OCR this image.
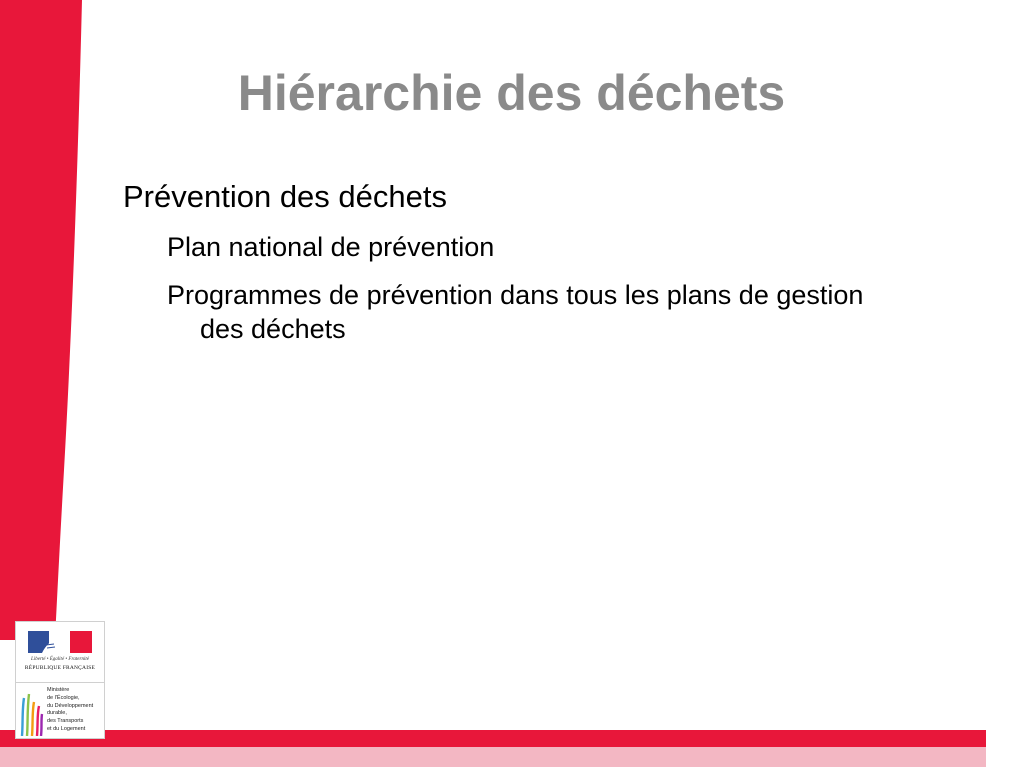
Hiérarchie des déchets
Prévention des déchets
Plan national de prévention
Programmes de prévention dans tous les plans de gestion des déchets
Liberté • Égalité • Fraternité
RÉPUBLIQUE FRANÇAISE
Ministère
de l'Écologie,
du Développement
durable,
des Transports
et du Logement
